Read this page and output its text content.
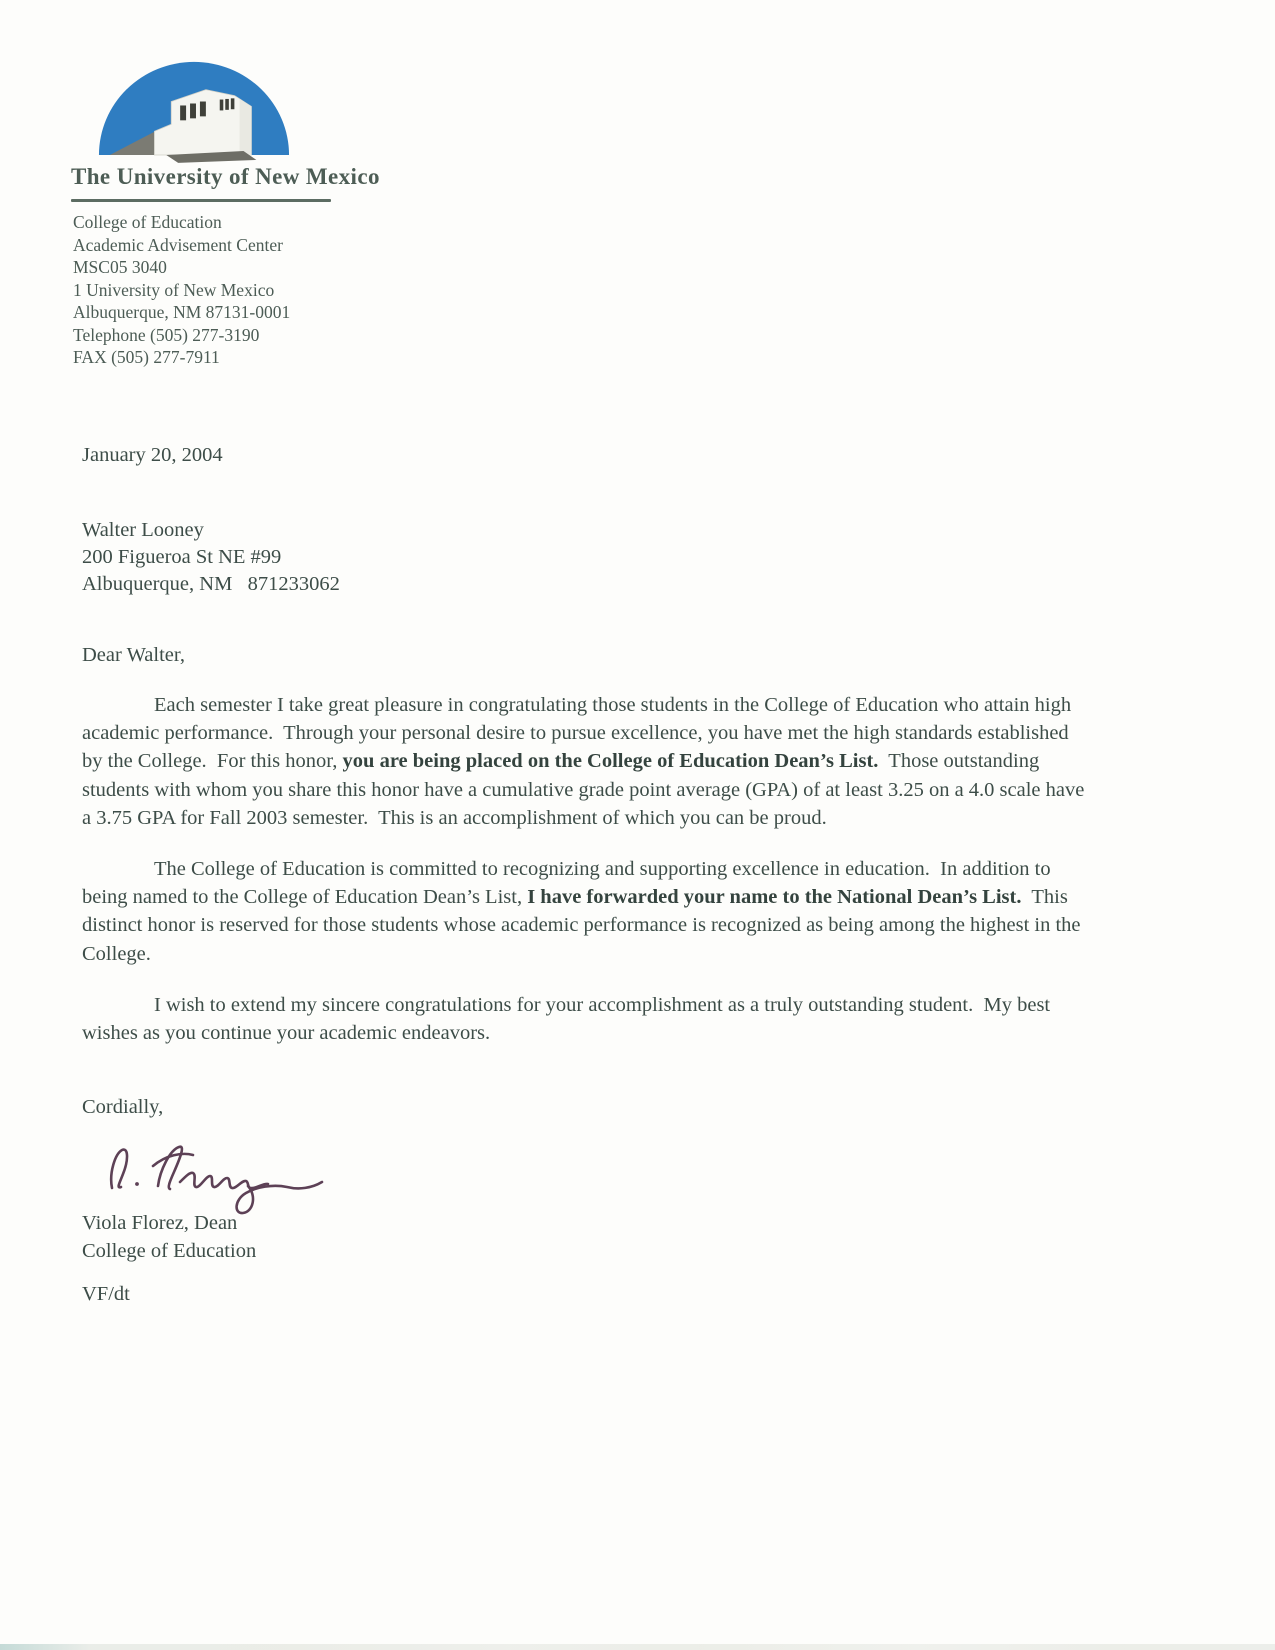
The University of New Mexico
College of Education
Academic Advisement Center
MSC05 3040
1 University of New Mexico
Albuquerque, NM 87131-0001
Telephone (505) 277-3190
FAX (505) 277-7911
January 20, 2004
Walter Looney
200 Figueroa St NE #99
Albuquerque, NM   871233062
Dear Walter,

Each semester I take great pleasure in congratulating those students in the College of Education who attain high academic performance.  Through your personal desire to pursue excellence, you have met the high standards established by the College.  For this honor, you are being placed on the College of Education Dean’s List.  Those outstanding students with whom you share this honor have a cumulative grade point average (GPA) of at least 3.25 on a 4.0 scale have a 3.75 GPA for Fall 2003 semester.  This is an accomplishment of which you can be proud.

The College of Education is committed to recognizing and supporting excellence in education.  In addition to being named to the College of Education Dean’s List, I have forwarded your name to the National Dean’s List.  This distinct honor is reserved for those students whose academic performance is recognized as being among the highest in the College.

I wish to extend my sincere congratulations for your accomplishment as a truly outstanding student.  My best wishes as you continue your academic endeavors.

Cordially,
Viola Florez, Dean
College of Education
VF/dt
